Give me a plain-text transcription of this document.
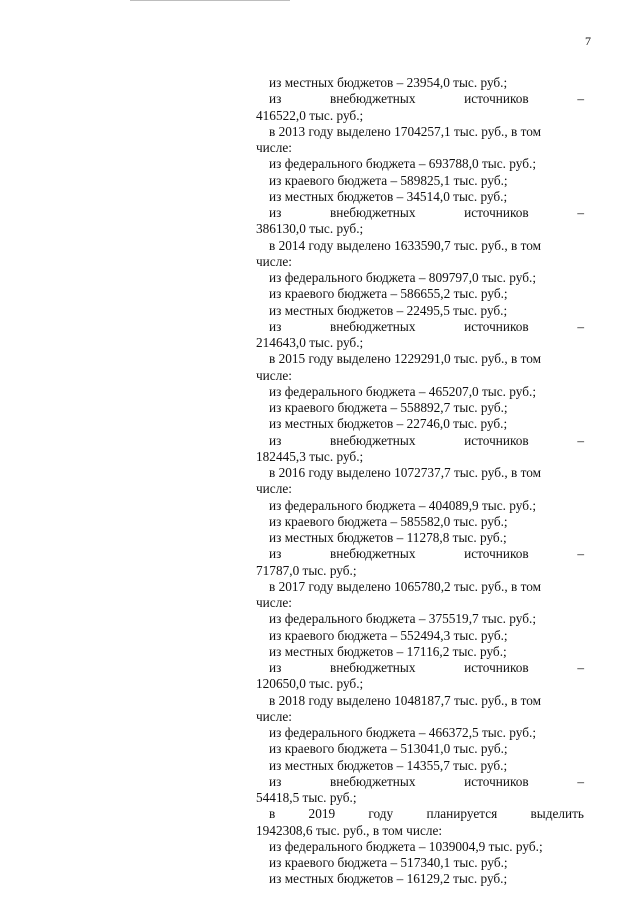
7
из местных бюджетов – 23954,0 тыс. руб.;
из	внебюджетных	источников	–
416522,0 тыс. руб.;
в 2013 году выделено 1704257,1 тыс. руб., в том
числе:
из федерального бюджета – 693788,0 тыс. руб.;
из краевого бюджета – 589825,1 тыс. руб.;
из местных бюджетов – 34514,0 тыс. руб.;
из	внебюджетных	источников	–
386130,0 тыс. руб.;
в 2014 году выделено 1633590,7 тыс. руб., в том
числе:
из федерального бюджета – 809797,0 тыс. руб.;
из краевого бюджета – 586655,2 тыс. руб.;
из местных бюджетов – 22495,5 тыс. руб.;
из	внебюджетных	источников	–
214643,0 тыс. руб.;
в 2015 году выделено 1229291,0 тыс. руб., в том
числе:
из федерального бюджета – 465207,0 тыс. руб.;
из краевого бюджета – 558892,7 тыс. руб.;
из местных бюджетов – 22746,0 тыс. руб.;
из	внебюджетных	источников	–
182445,3 тыс. руб.;
в 2016 году выделено 1072737,7 тыс. руб., в том
числе:
из федерального бюджета – 404089,9 тыс. руб.;
из краевого бюджета – 585582,0 тыс. руб.;
из местных бюджетов – 11278,8 тыс. руб.;
из	внебюджетных	источников	–
71787,0 тыс. руб.;
в 2017 году выделено 1065780,2 тыс. руб., в том
числе:
из федерального бюджета – 375519,7 тыс. руб.;
из краевого бюджета – 552494,3 тыс. руб.;
из местных бюджетов – 17116,2 тыс. руб.;
из	внебюджетных	источников	–
120650,0 тыс. руб.;
в 2018 году выделено 1048187,7 тыс. руб., в том
числе:
из федерального бюджета – 466372,5 тыс. руб.;
из краевого бюджета – 513041,0 тыс. руб.;
из местных бюджетов – 14355,7 тыс. руб.;
из	внебюджетных	источников	–
54418,5 тыс. руб.;
в	2019	году	планируется	выделить
1942308,6 тыс. руб., в том числе:
из федерального бюджета – 1039004,9 тыс. руб.;
из краевого бюджета – 517340,1 тыс. руб.;
из местных бюджетов – 16129,2 тыс. руб.;
